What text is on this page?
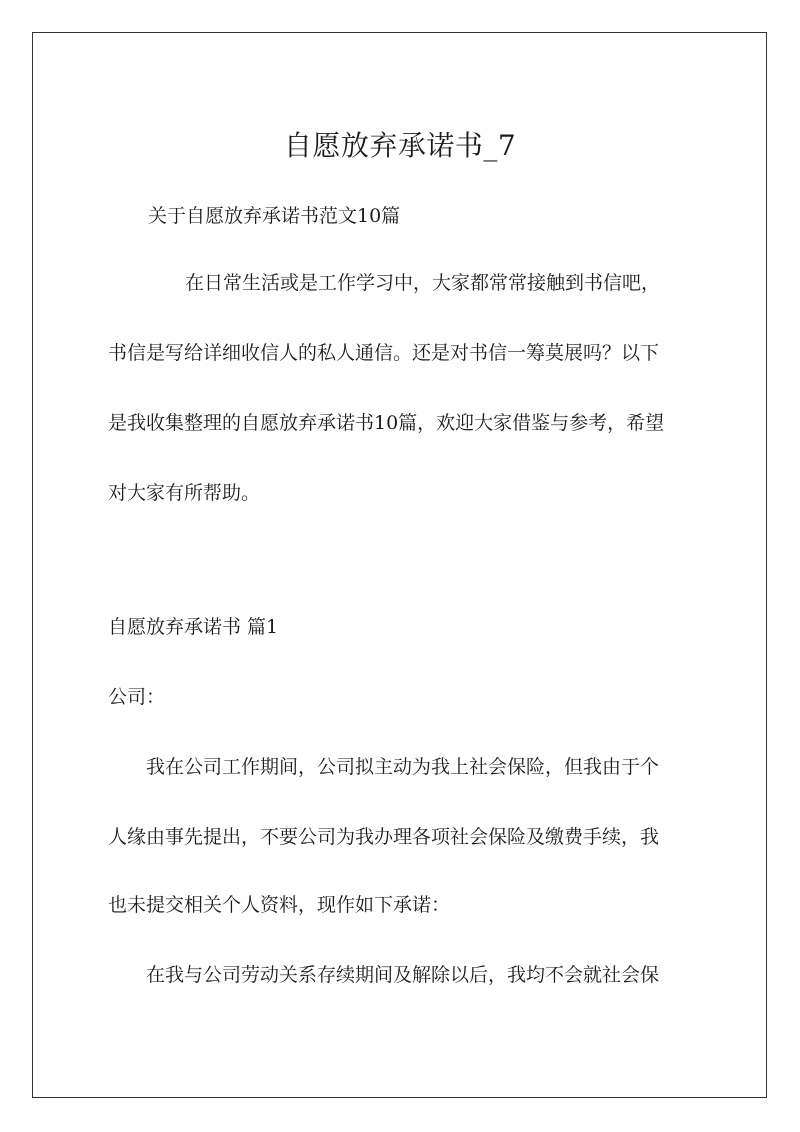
自愿放弃承诺书_7
关于自愿放弃承诺书范文10篇
在日常生活或是工作学习中，大家都常常接触到书信吧，
书信是写给详细收信人的私人通信。还是对书信一筹莫展吗？以下
是我收集整理的自愿放弃承诺书10篇，欢迎大家借鉴与参考，希望
对大家有所帮助。
自愿放弃承诺书 篇1
公司：
我在公司工作期间，公司拟主动为我上社会保险，但我由于个
人缘由事先提出，不要公司为我办理各项社会保险及缴费手续，我
也未提交相关个人资料，现作如下承诺：
在我与公司劳动关系存续期间及解除以后，我均不会就社会保
